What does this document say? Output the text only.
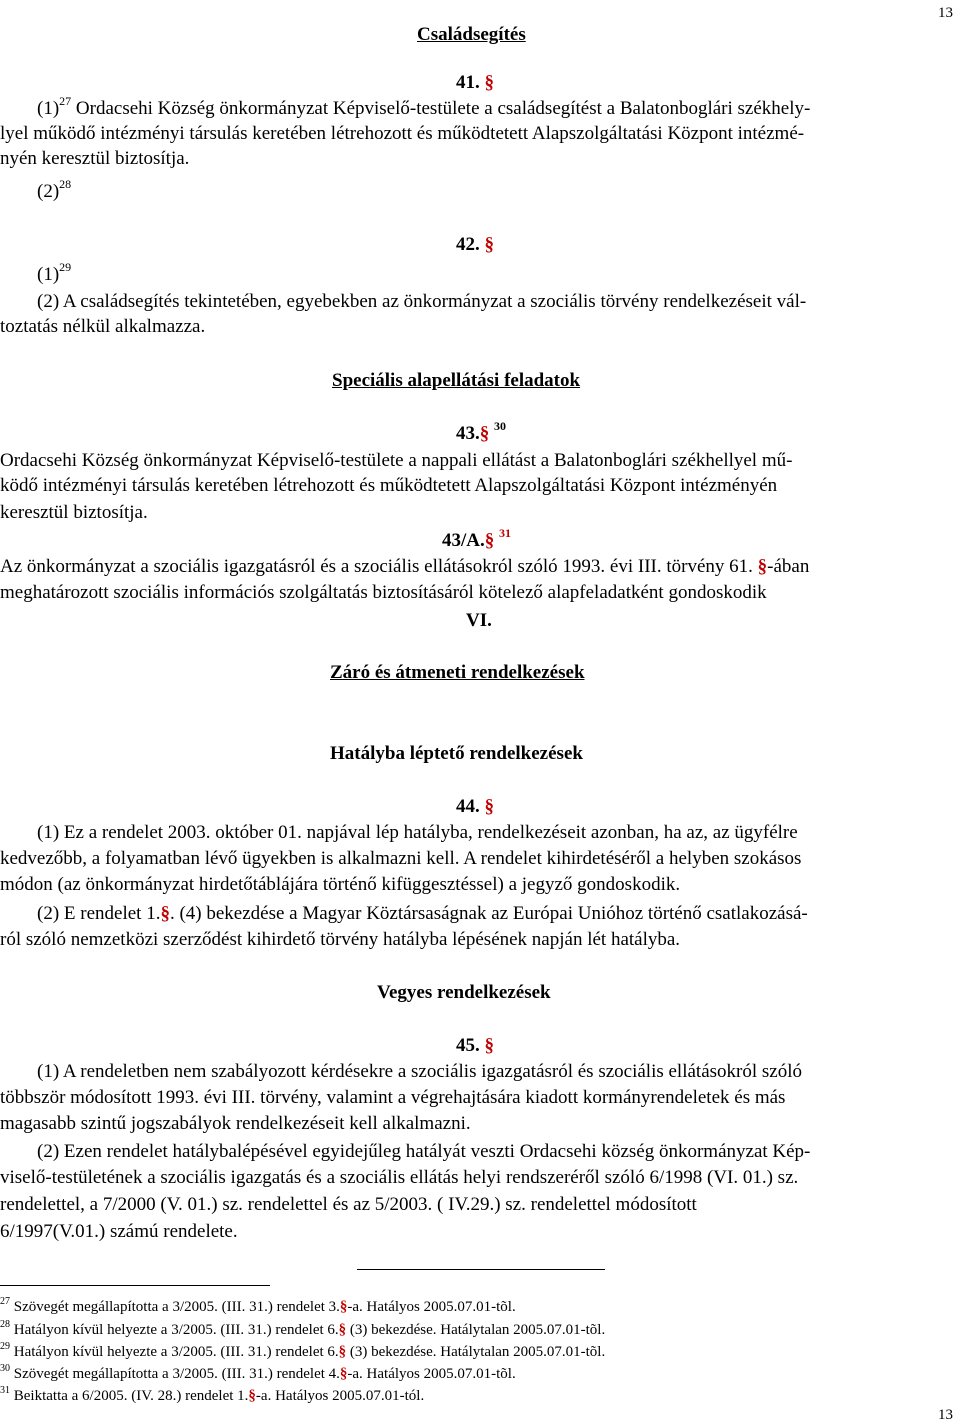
13
Családsegítés
41. §
$(1)^{27}$ Ordacsehi Község önkormányzat Képviselő-testülete a családsegítést a Balatonboglári székhely-
lyel működő intézményi társulás keretében létrehozott és működtetett Alapszolgáltatási Központ intézmé-
nyén keresztül biztosítja.
$(2)^{28}$
42. §
$(1)^{29}$
(2) A családsegítés tekintetében, egyebekben az önkormányzat a szociális törvény rendelkezéseit vál-
toztatás nélkül alkalmazza.
Speciális alapellátási feladatok
43.§ $^{30}$
Ordacsehi Község önkormányzat Képviselő-testülete a nappali ellátást a Balatonboglári székhellyel mű-
ködő intézményi társulás keretében létrehozott és működtetett Alapszolgáltatási Központ intézményén
keresztül biztosítja.
43/A.§ $^{31}$
Az önkormányzat a szociális igazgatásról és a szociális ellátásokról szóló 1993. évi III. törvény 61. §-ában
meghatározott szociális információs szolgáltatás biztosításáról kötelező alapfeladatként gondoskodik
VI.
Záró és átmeneti rendelkezések
Hatályba léptető rendelkezések
44. §
(1) Ez a rendelet 2003. október 01. napjával lép hatályba, rendelkezéseit azonban, ha az, az ügyfélre
kedvezőbb, a folyamatban lévő ügyekben is alkalmazni kell. A rendelet kihirdetéséről a helyben szokásos
módon (az önkormányzat hirdetőtáblájára történő kifüggesztéssel) a jegyző gondoskodik.
(2) E rendelet 1.§. (4) bekezdése a Magyar Köztársaságnak az Európai Unióhoz történő csatlakozásá-
ról szóló nemzetközi szerződést kihirdető törvény hatályba lépésének napján lét hatályba.
Vegyes rendelkezések
45. §
(1) A rendeletben nem szabályozott kérdésekre a szociális igazgatásról és szociális ellátásokról szóló
többször módosított 1993. évi III. törvény, valamint a végrehajtására kiadott kormányrendeletek és más
magasabb szintű jogszabályok rendelkezéseit kell alkalmazni.
(2) Ezen rendelet hatálybalépésével egyidejűleg hatályát veszti Ordacsehi község önkormányzat Kép-
viselő-testületének a szociális igazgatás és a szociális ellátás helyi rendszeréről szóló 6/1998 (VI. 01.) sz.
rendelettel, a 7/2000 (V. 01.) sz. rendelettel és az 5/2003. ( IV.29.) sz. rendelettel módosított
6/1997(V.01.) számú rendelete.
$^{27}$ Szövegét megállapította a 3/2005. (III. 31.) rendelet 3.§-a. Hatályos 2005.07.01-tõl.
$^{28}$ Hatályon kívül helyezte a 3/2005. (III. 31.) rendelet 6.§ (3) bekezdése. Hatálytalan 2005.07.01-tõl.
$^{29}$ Hatályon kívül helyezte a 3/2005. (III. 31.) rendelet 6.§ (3) bekezdése. Hatálytalan 2005.07.01-tõl.
$^{30}$ Szövegét megállapította a 3/2005. (III. 31.) rendelet 4.§-a. Hatályos 2005.07.01-tõl.
$^{31}$ Beiktatta a 6/2005. (IV. 28.) rendelet 1.§-a. Hatályos 2005.07.01-tól.
13
